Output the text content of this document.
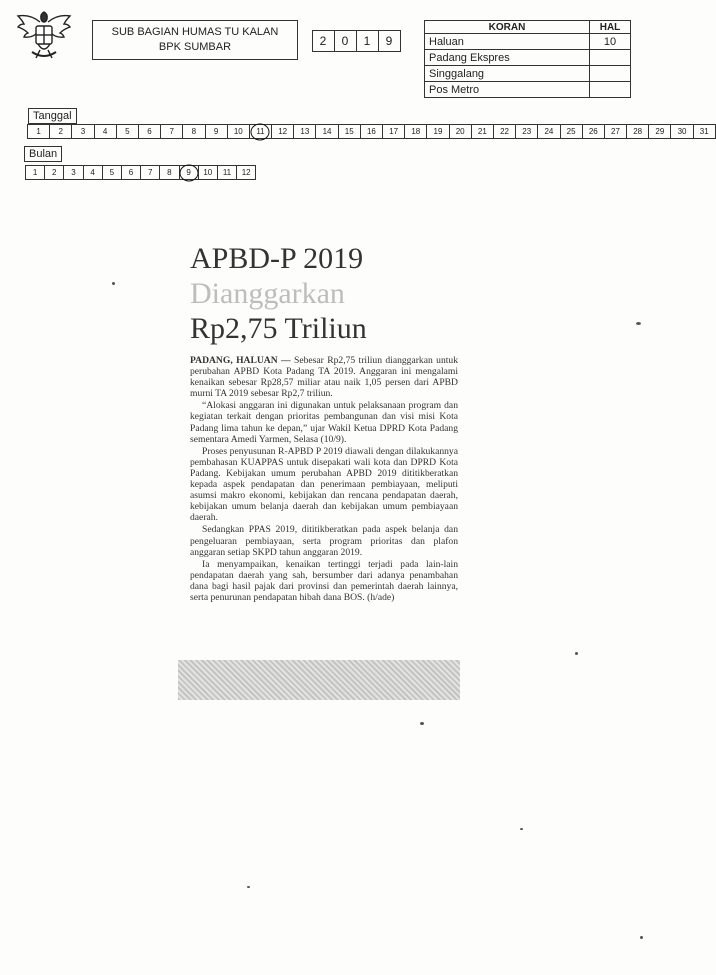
SUB BAGIAN HUMAS TU KALAN
BPK SUMBAR	2	0	1	9
KORAN	HAL
Haluan	10
Padang Ekspres	
Singgalang	
Pos Metro	
Tanggal
1	2	3	4	5	6	7	8	9	10	11	12	13	14	15	16	17	18	19	20	21	22	23	24	25	26	27	28	29	30	31
Bulan
1	2	3	4	5	6	7	8	9	10	11	12
APBD-P 2019
Dianggarkan
Rp2,75 Triliun

PADANG, HALUAN — Sebesar Rp2,75 triliun dianggarkan untuk perubahan APBD Kota Padang TA 2019. Anggaran ini mengalami kenaikan sebesar Rp28,57 miliar atau naik 1,05 persen dari APBD murni TA 2019 sebesar Rp2,7 triliun.

“Alokasi anggaran ini digunakan untuk pelaksanaan program dan kegiatan terkait dengan prioritas pembangunan dan visi misi Kota Padang lima tahun ke depan,” ujar Wakil Ketua DPRD Kota Padang sementara Amedi Yarmen, Selasa (10/9).

Proses penyusunan R-APBD P 2019 diawali dengan dilakukannya pembahasan KUAPPAS untuk disepakati wali kota dan DPRD Kota Padang. Kebijakan umum perubahan APBD 2019 dititikberatkan kepada aspek pendapatan dan penerimaan pembiayaan, meliputi asumsi makro ekonomi, kebijakan dan rencana pendapatan daerah, kebijakan umum belanja daerah dan kebijakan umum pembiayaan daerah.

Sedangkan PPAS 2019, dititikberatkan pada aspek belanja dan pengeluaran pembiayaan, serta program prioritas dan plafon anggaran setiap SKPD tahun anggaran 2019.

Ia menyampaikan, kenaikan tertinggi terjadi pada lain-lain pendapatan daerah yang sah, bersumber dari adanya penambahan dana bagi hasil pajak dari provinsi dan pemerintah daerah lainnya, serta penurunan pendapatan hibah dana BOS. (h/ade)
